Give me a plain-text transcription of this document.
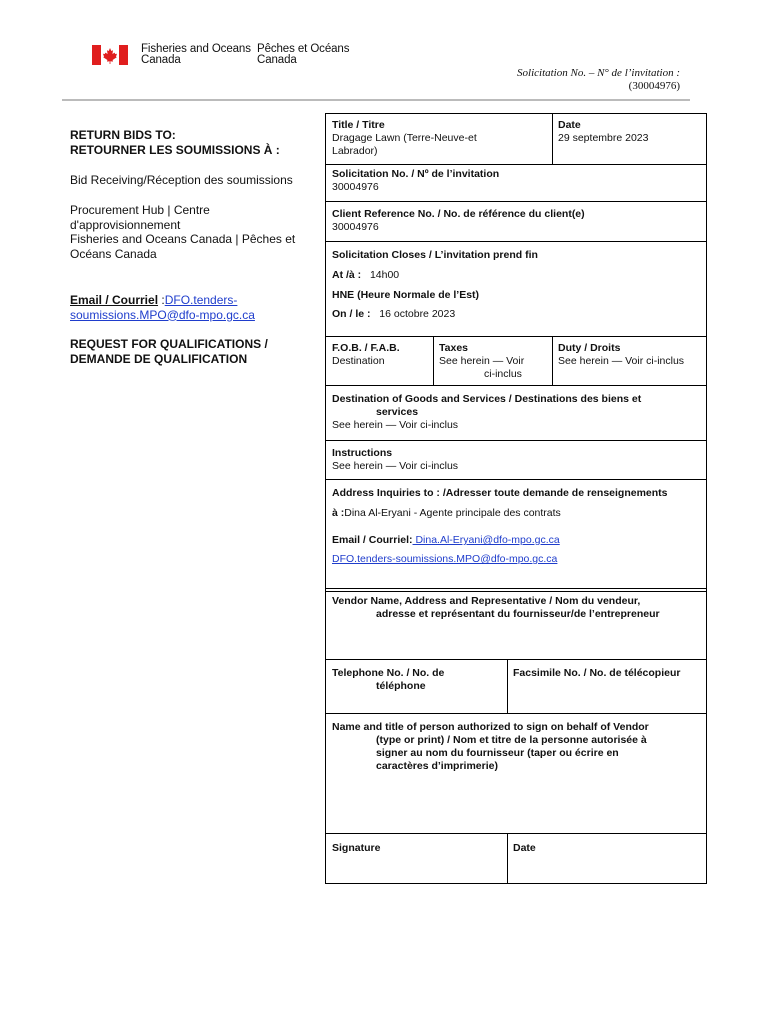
Fisheries and Oceans
Canada
Pêches et Océans
Canada
Solicitation No. – N° de l’invitation :
(30004976)
RETURN BIDS TO:
RETOURNER LES SOUMISSIONS À :
Bid Receiving/Réception des soumissions
Procurement Hub | Centre
d'approvisionnement
Fisheries and Oceans Canada | Pêches et
Océans Canada
Email / Courriel :DFO.tenders-
soumissions.MPO@dfo-mpo.gc.ca
REQUEST FOR QUALIFICATIONS /
DEMANDE DE QUALIFICATION
Title / Titre
Dragage Lawn (Terre-Neuve-et
Labrador)
Date
29 septembre 2023
Solicitation No. / Nº de l’invitation
30004976
Client Reference No. / No. de référence du client(e)
30004976
Solicitation Closes / L’invitation prend fin
At /à : 14h00
HNE (Heure Normale de l’Est)
On / le : 16 octobre 2023
F.O.B. / F.A.B.
Destination
Taxes
See herein — Voir
ci-inclus
Duty / Droits
See herein — Voir ci-inclus
Destination of Goods and Services / Destinations des biens et
services
See herein — Voir ci-inclus
Instructions
See herein — Voir ci-inclus
Address Inquiries to : /Adresser toute demande de renseignements
à :Dina Al-Eryani - Agente principale des contrats
Email / Courriel: Dina.Al-Eryani@dfo-mpo.gc.ca
DFO.tenders-soumissions.MPO@dfo-mpo.gc.ca
Vendor Name, Address and Representative / Nom du vendeur,
adresse et représentant du fournisseur/de l’entrepreneur
Telephone No. / No. de
téléphone
Facsimile No. / No. de télécopieur
Name and title of person authorized to sign on behalf of Vendor
(type or print) / Nom et titre de la personne autorisée à
signer au nom du fournisseur (taper ou écrire en
caractères d’imprimerie)
Signature	Date
